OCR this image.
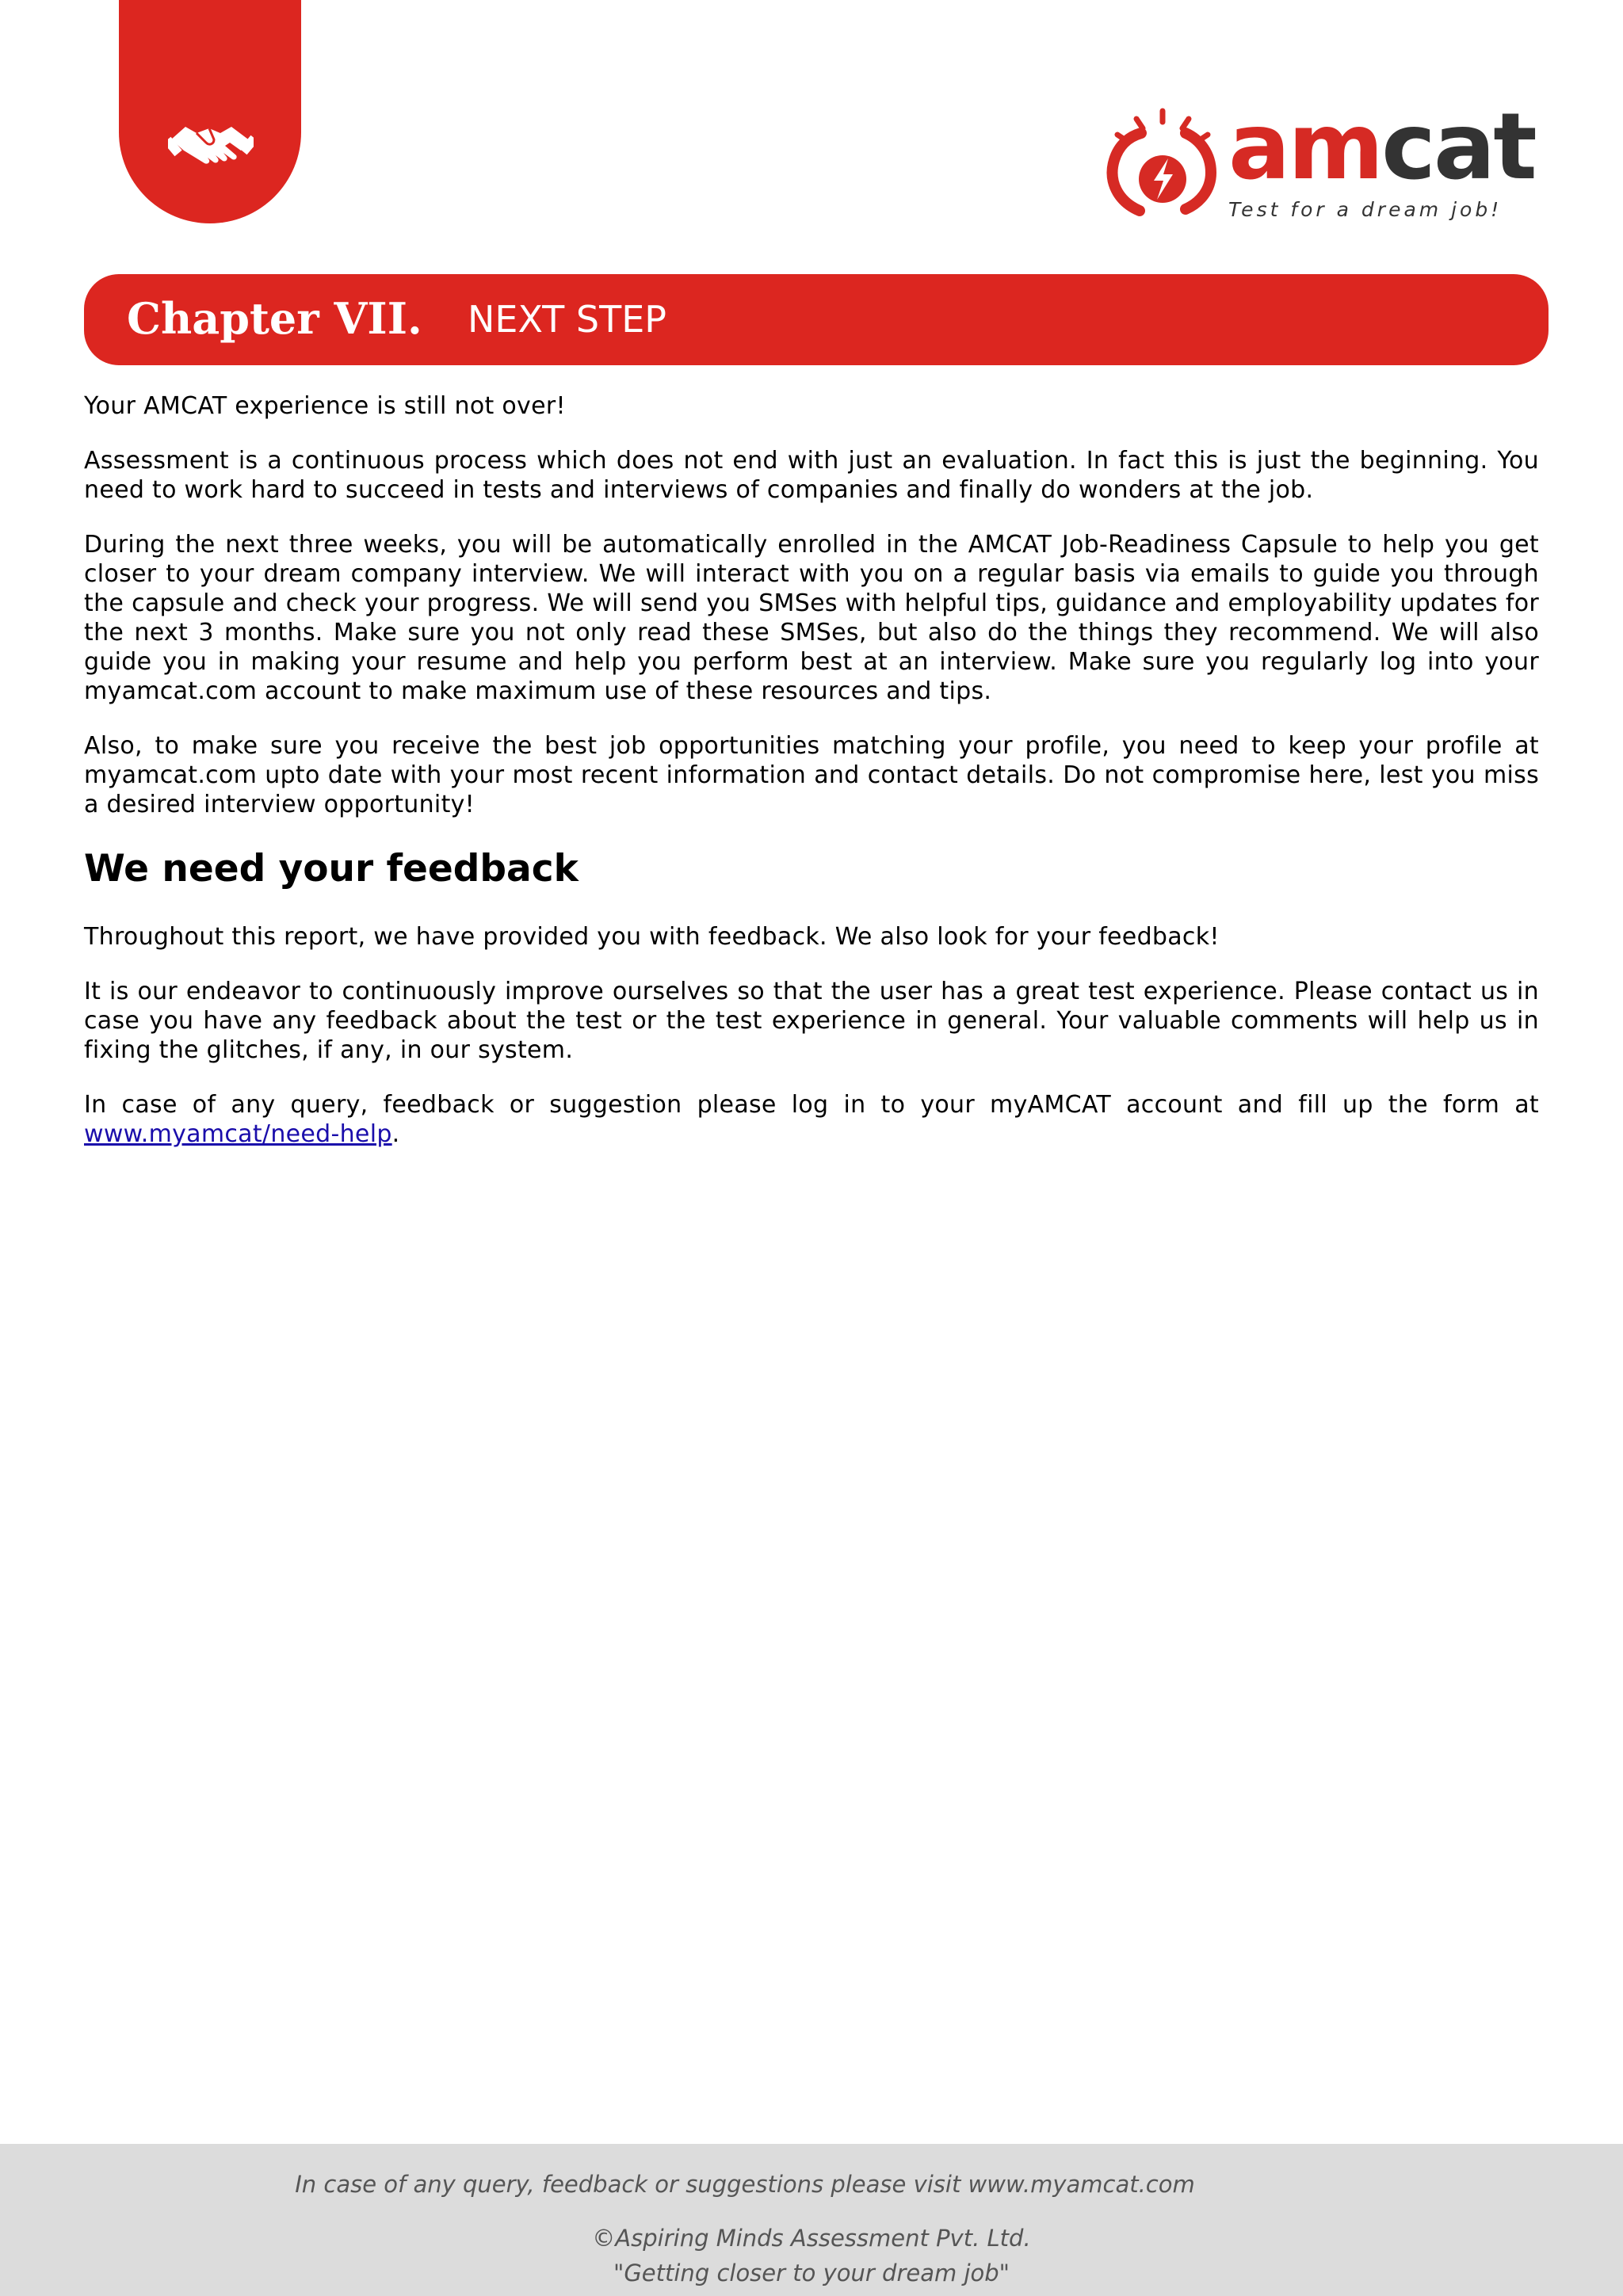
amcat
Test for a dream job!
Chapter VII. NEXT STEP

Your AMCAT experience is still not over!

Assessment is a continuous process which does not end with just an evaluation. In fact this is just the beginning. You need to work hard to succeed in tests and interviews of companies and finally do wonders at the job.

During the next three weeks, you will be automatically enrolled in the AMCAT Job-Readiness Capsule to help you get closer to your dream company interview. We will interact with you on a regular basis via emails to guide you through the capsule and check your progress. We will send you SMSes with helpful tips, guidance and employability updates for the next 3 months. Make sure you not only read these SMSes, but also do the things they recommend. We will also guide you in making your resume and help you perform best at an interview. Make sure you regularly log into your myamcat.com account to make maximum use of these resources and tips.

Also, to make sure you receive the best job opportunities matching your profile, you need to keep your profile at myamcat.com upto date with your most recent information and contact details. Do not compromise here, lest you miss a desired interview opportunity!

We need your feedback

Throughout this report, we have provided you with feedback. We also look for your feedback!

It is our endeavor to continuously improve ourselves so that the user has a great test experience. Please contact us in case you have any feedback about the test or the test experience in general. Your valuable comments will help us in fixing the glitches, if any, in our system.

In case of any query, feedback or suggestion please log in to your myAMCAT account and fill up the form at www.myamcat/need-help.

In case of any query, feedback or suggestions please visit www.myamcat.com
©Aspiring Minds Assessment Pvt. Ltd.
"Getting closer to your dream job"
